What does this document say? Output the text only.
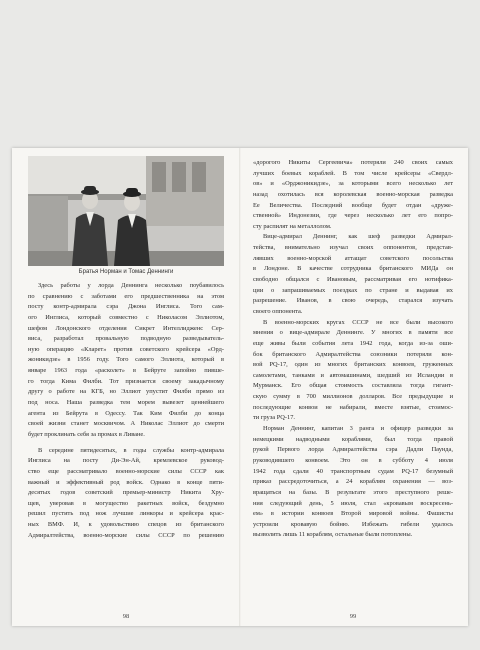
Братья Норман и Томас Деннинги
Здесь работы у лорда Деннинга несколько поубавилось
по сравнению с заботами его предшественника на этом
посту контр-адмирала сэра Джона Инглиса. Того сам-
ого Инглиса, который совместно с Николасом Эллиотом,
шефом Лондонского отделения Сикрет Интеллидженс Сер-
виса, разработал провальную подводную разведыватель-
ную операцию «Кларет» против советского крейсера «Орд-
жоникидзе» в 1956 году. Того самого Эллиота, который в
январе 1963 года «расколет» в Бейруте запойно пивше-
го тогда Кима Филби. Тот признается своему закадычному
другу о работе на КГБ, но Эллиот упустит Филби прямо из
под носа. Наша разведка тем морем вывезет ценнейшего
агента из Бейрута в Одессу. Так Ким Филби до конца
своей жизни станет москвичом. А Николас Эллиот до смерти
будет проклинать себя за промах в Ливане.
В середине пятидесятых, в годы службы контр-адмирала
Инглиса на посту Ди-Эн-Ай, кремлевское руковод-
ство еще рассматривало военно-морские силы СССР как
важный и эффективный род войск. Однако в конце пяти-
десятых годов советский премьер-министр Никита Хру-
щев, уверовав в могущество ракетных войск, бездумно
решил пустить под нож лучшие линкоры и крейсера крас-
ных ВМФ. И, к удовольствию спецов из британского
Адмиралтейства, военно-морские силы СССР по решению
98
«дорогого Никиты Сергеевича» потеряли 240 своих самых
лучших боевых кораблей. В том числе крейсеры «Свердл-
ов» и «Орджоникидзе», за которыми всего несколько лет
назад охотилась вся королевская военно-морская разведка
Ее Величества. Последний вообще будет отдан «друже-
ственной» Индонезии, где через несколько лет его попро-
сту распилят на металлолом.
Вице-адмирал Деннинг, как шеф разведки Адмирал-
тейства, внимательно изучал своих оппонентов, представ-
лявших военно-морской аттащат советского посольства
в Лондоне. В качестве сотрудника британского МИДа он
свободно общался с Ивановым, рассматривая его нотифика-
ции о запрашиваемых поездках по стране и выдавая их
разрешение. Иванов, в свою очередь, старался изучать
своего оппонента.
В военно-морских кругах СССР не все были высокого
мнения о вице-адмирале Деннинге. У многих в памяти все
еще живы были события лета 1942 года, когда из-за оши-
бок британского Адмиралтейства союзники потеряли кон-
вой PQ-17, один из многих британских конвоев, груженных
самолетами, танками и автомашинами, шедший из Исландии в
Мурманск. Его общая стоимость составляла тогда гигант-
скую сумму в 700 миллионов долларов. Все предыдущие и
последующие конвои не набирали, вместе взятые, стоимос-
ти груза PQ-17.
Норман Деннинг, капитан 3 ранга и офицер разведки за
немецкими надводными кораблями, был тогда правой
рукой Первого лорда Адмиралтейства сэра Дадли Паунда,
руководившего конвоем. Это он в субботу 4 июля
1942 года сдали 40 транспортным судам PQ-17 безумный
приказ рассредоточиться, а 24 кораблям охранения — воз-
вращаться на базы. В результате этого преступного реше-
ния следующий день, 5 июля, стал «кровавым воскресень-
ем» в истории конвоев Второй мировой войны. Фашисты
устроили кровавую бойню. Избежать гибели удалось
вызволить лишь 11 кораблям, остальные были потоплены.
99
